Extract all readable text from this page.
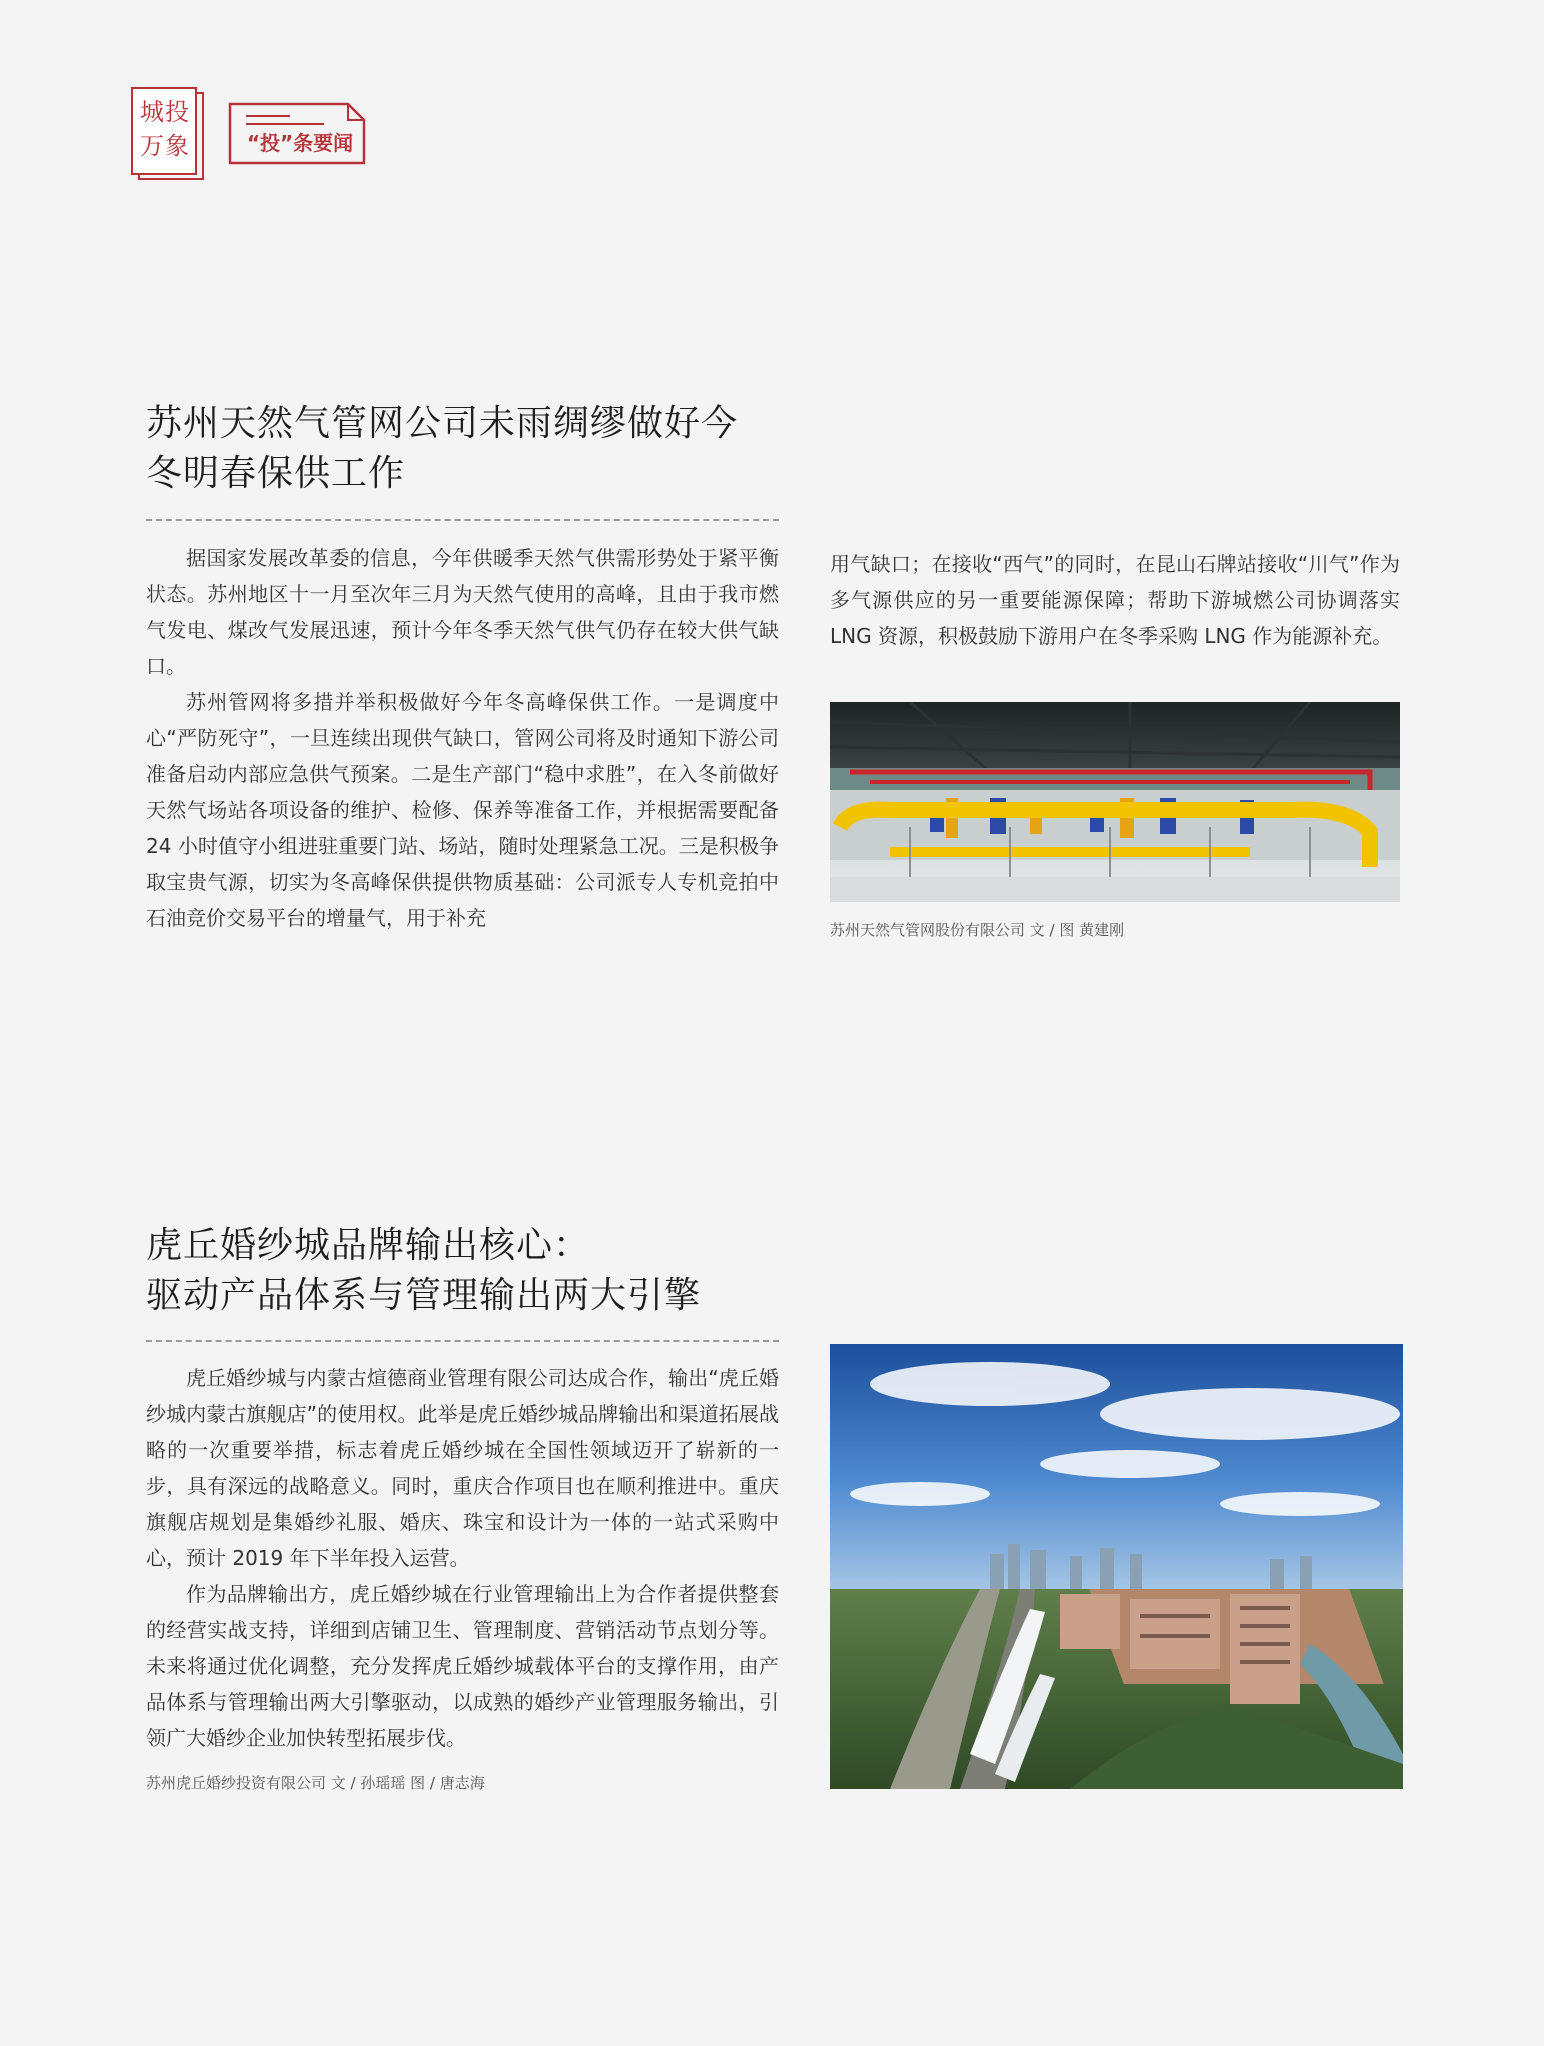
城投
万象	“投”条要闻
苏州天然气管网公司未雨绸缪做好今
冬明春保供工作

据国家发展改革委的信息，今年供暖季天然气供需形势处于紧平衡状态。苏州地区十一月至次年三月为天然气使用的高峰，且由于我市燃气发电、煤改气发展迅速，预计今年冬季天然气供气仍存在较大供气缺口。

苏州管网将多措并举积极做好今年冬高峰保供工作。一是调度中心“严防死守”，一旦连续出现供气缺口，管网公司将及时通知下游公司准备启动内部应急供气预案。二是生产部门“稳中求胜”，在入冬前做好天然气场站各项设备的维护、检修、保养等准备工作，并根据需要配备 24 小时值守小组进驻重要门站、场站，随时处理紧急工况。三是积极争取宝贵气源，切实为冬高峰保供提供物质基础：公司派专人专机竞拍中石油竞价交易平台的增量气，用于补充

用气缺口；在接收“西气”的同时，在昆山石牌站接收“川气”作为多气源供应的另一重要能源保障；帮助下游城燃公司协调落实 LNG 资源，积极鼓励下游用户在冬季采购 LNG 作为能源补充。

苏州天然气管网股份有限公司 文 / 图 黄建刚
虎丘婚纱城品牌输出核心：
驱动产品体系与管理输出两大引擎

虎丘婚纱城与内蒙古煊德商业管理有限公司达成合作，输出“虎丘婚纱城内蒙古旗舰店”的使用权。此举是虎丘婚纱城品牌输出和渠道拓展战略的一次重要举措，标志着虎丘婚纱城在全国性领域迈开了崭新的一步，具有深远的战略意义。同时，重庆合作项目也在顺利推进中。重庆旗舰店规划是集婚纱礼服、婚庆、珠宝和设计为一体的一站式采购中心，预计 2019 年下半年投入运营。

作为品牌输出方，虎丘婚纱城在行业管理输出上为合作者提供整套的经营实战支持，详细到店铺卫生、管理制度、营销活动节点划分等。未来将通过优化调整，充分发挥虎丘婚纱城载体平台的支撑作用，由产品体系与管理输出两大引擎驱动，以成熟的婚纱产业管理服务输出，引领广大婚纱企业加快转型拓展步伐。

苏州虎丘婚纱投资有限公司 文 / 孙瑶瑶 图 / 唐志海
